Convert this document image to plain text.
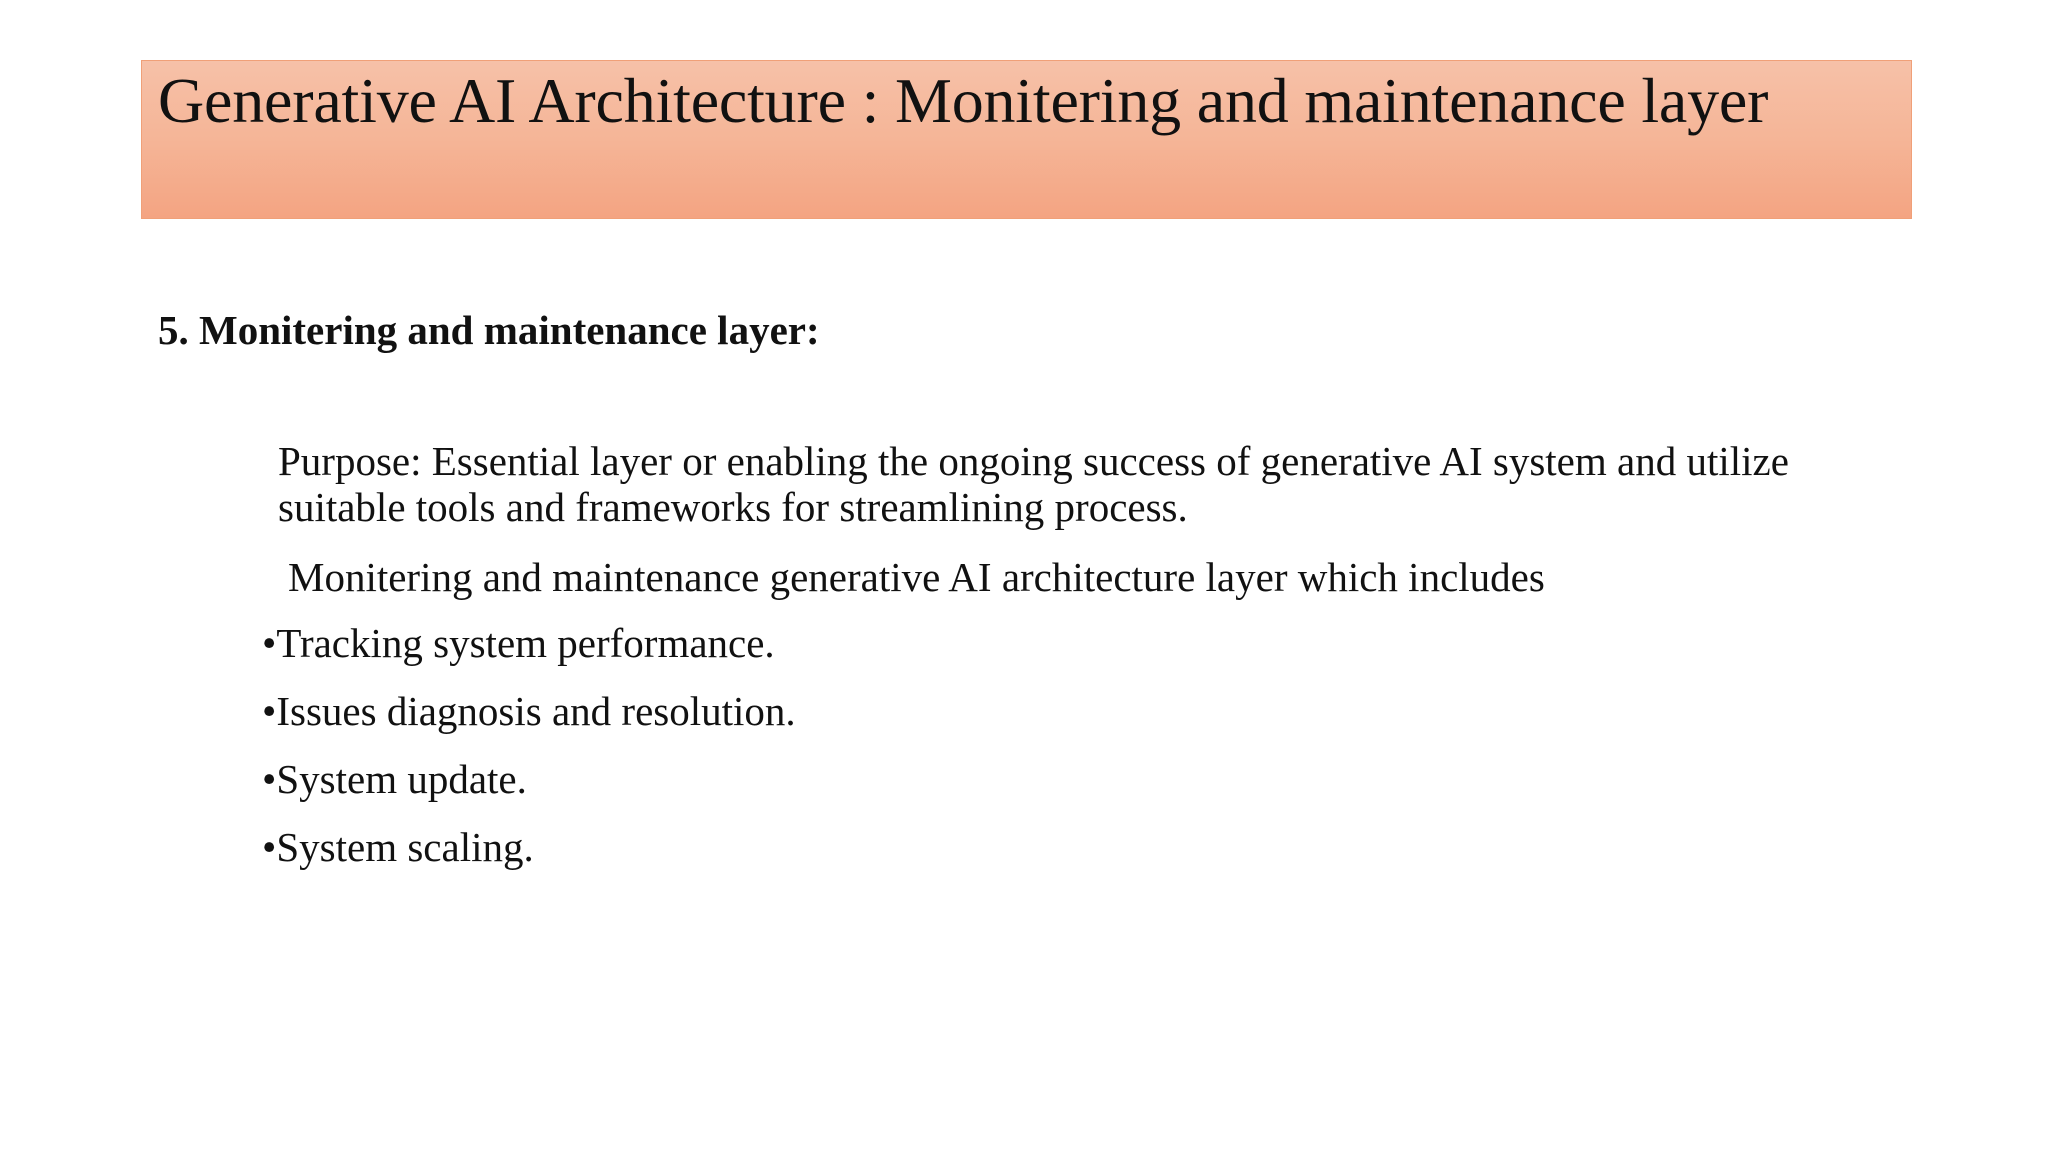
Generative AI Architecture : Monitering and maintenance layer
5. Monitering and maintenance layer:

Purpose: Essential layer or enabling the ongoing success of generative AI system and utilize suitable tools and frameworks for streamlining process.

Monitering and maintenance generative AI architecture layer which includes

•Tracking system performance.
•Issues diagnosis and resolution.
•System update.
•System scaling.
